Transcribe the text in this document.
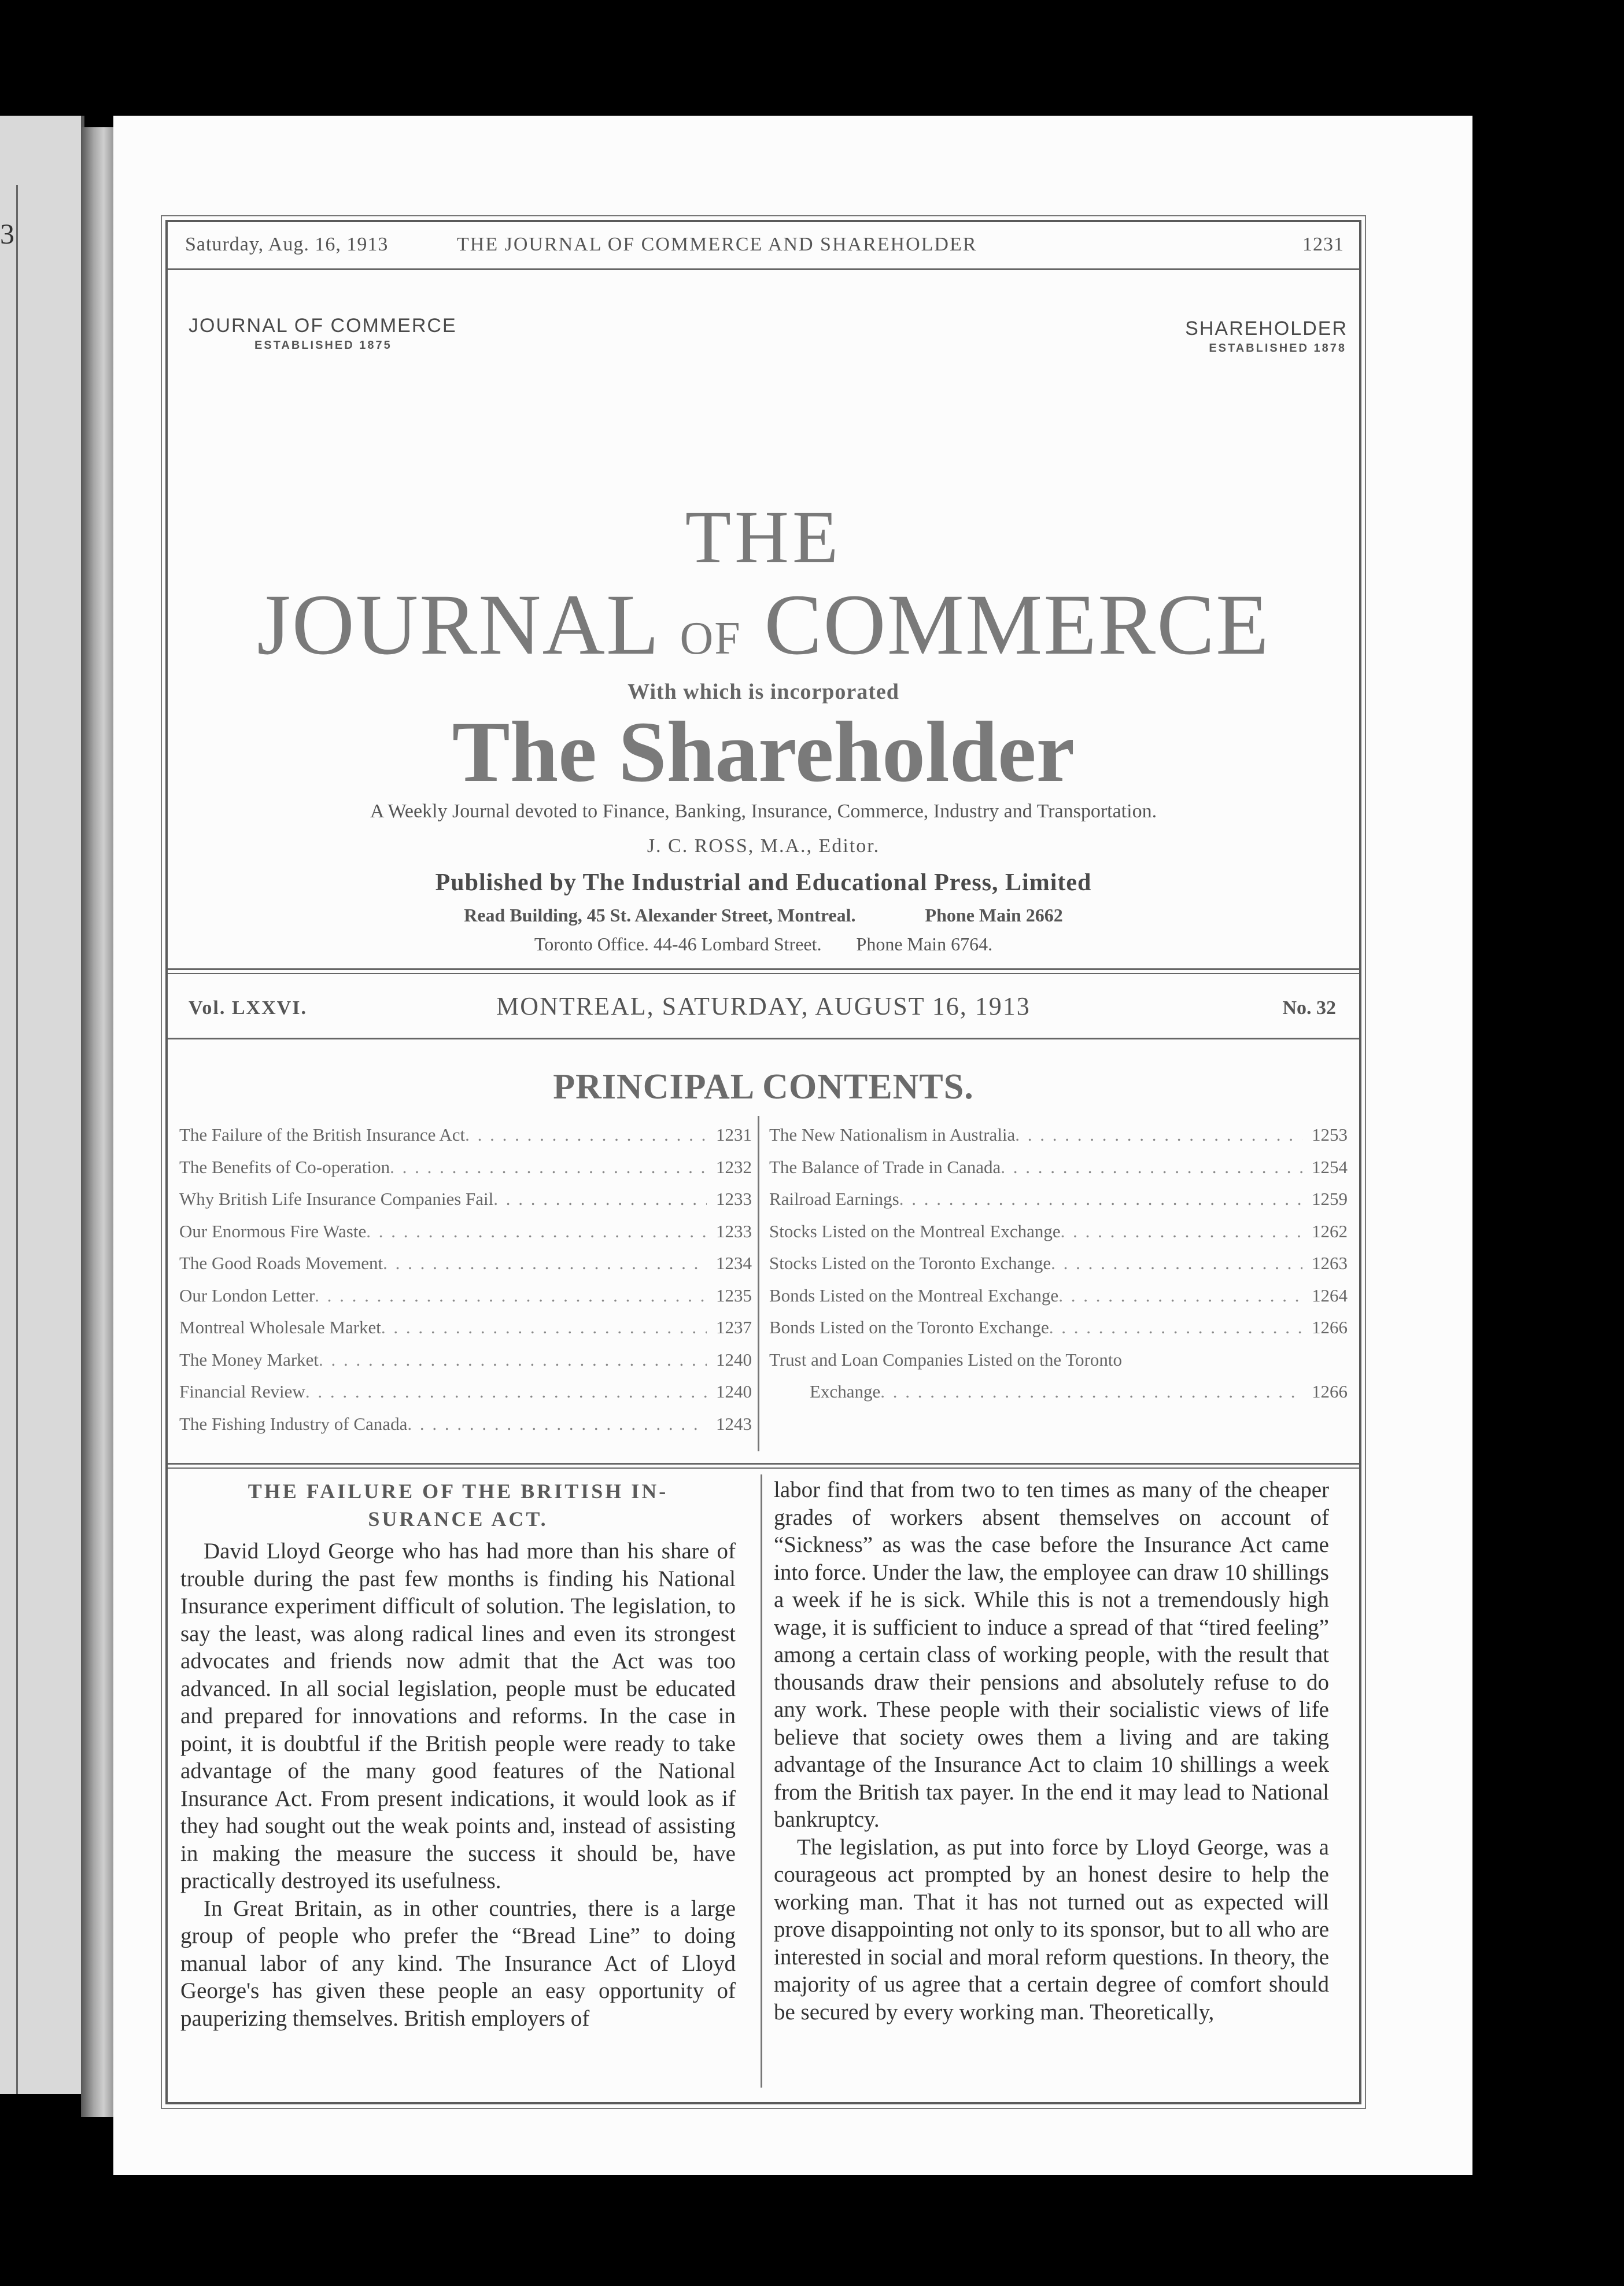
3	Saturday, Aug. 16, 1913	THE JOURNAL OF COMMERCE AND SHAREHOLDER	1231
JOURNAL OF COMMERCE
ESTABLISHED 1875
SHAREHOLDER
ESTABLISHED 1878
THE
JOURNAL OF COMMERCE
With which is incorporated
The Shareholder
A Weekly Journal devoted to Finance, Banking, Insurance, Commerce, Industry and Transportation.
J. C. ROSS, M.A., Editor.
Published by The Industrial and Educational Press, Limited
Read Building, 45 St. Alexander Street, Montreal.	Phone Main 2662
Toronto Office. 44-46 Lombard Street. Phone Main 6764.
Vol. LXXVI.	MONTREAL, SATURDAY, AUGUST 16, 1913	No. 32
PRINCIPAL CONTENTS.
The Failure of the British Insurance Act . . .	1231
The Benefits of Co-operation . . .	1232
Why British Life Insurance Companies Fail . . .	1233
Our Enormous Fire Waste . . .	1233
The Good Roads Movement . . .	1234
Our London Letter . . .	1235
Montreal Wholesale Market . . .	1237
The Money Market . . .	1240
Financial Review . . .	1240
The Fishing Industry of Canada . . .	1243
The New Nationalism in Australia . . .	1253
The Balance of Trade in Canada . . .	1254
Railroad Earnings . . .	1259
Stocks Listed on the Montreal Exchange . . .	1262
Stocks Listed on the Toronto Exchange . . .	1263
Bonds Listed on the Montreal Exchange . . .	1264
Bonds Listed on the Toronto Exchange . . .	1266
Trust and Loan Companies Listed on the Toronto
Exchange . . .	1266
THE FAILURE OF THE BRITISH IN-
SURANCE ACT.

David Lloyd George who has had more than his share of trouble during the past few months is finding his National Insurance experiment difficult of solution. The legislation, to say the least, was along radical lines and even its strongest advocates and friends now admit that the Act was too advanced. In all social legislation, people must be educated and prepared for innovations and reforms. In the case in point, it is doubtful if the British people were ready to take advantage of the many good features of the National Insurance Act. From present indications, it would look as if they had sought out the weak points and, instead of assisting in making the measure the success it should be, have practically destroyed its usefulness.

In Great Britain, as in other countries, there is a large group of people who prefer the “Bread Line” to doing manual labor of any kind. The Insurance Act of Lloyd George's has given these people an easy opportunity of pauperizing themselves. British employers of

labor find that from two to ten times as many of the cheaper grades of workers absent themselves on account of “Sickness” as was the case before the Insurance Act came into force. Under the law, the employee can draw 10 shillings a week if he is sick. While this is not a tremendously high wage, it is sufficient to induce a spread of that “tired feeling” among a certain class of working people, with the result that thousands draw their pensions and absolutely refuse to do any work. These people with their socialistic views of life believe that society owes them a living and are taking advantage of the Insurance Act to claim 10 shillings a week from the British tax payer. In the end it may lead to National bankruptcy.

The legislation, as put into force by Lloyd George, was a courageous act prompted by an honest desire to help the working man. That it has not turned out as expected will prove disappointing not only to its sponsor, but to all who are interested in social and moral reform questions. In theory, the majority of us agree that a certain degree of comfort should be secured by every working man. Theoretically,
